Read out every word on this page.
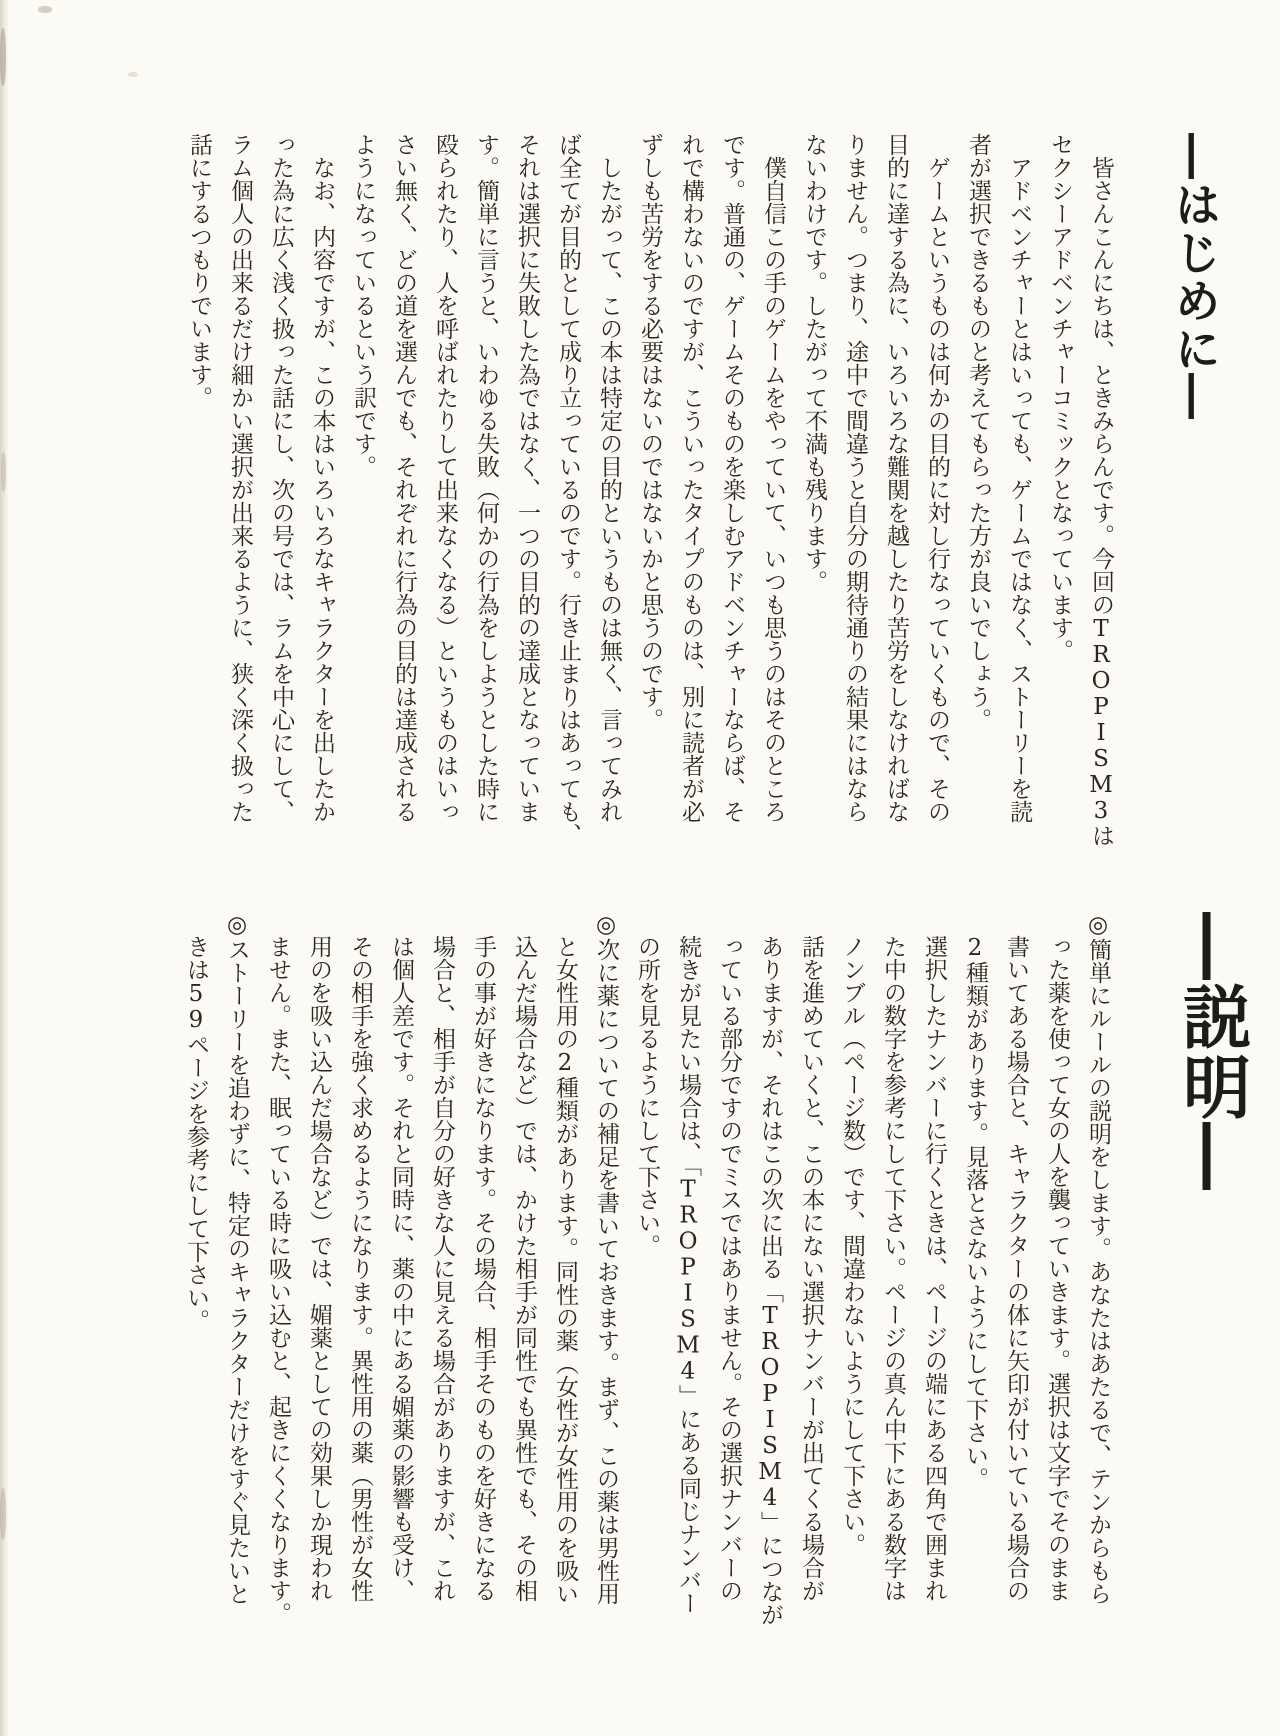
―はじめに―
　皆さんこんにちは、ときみらんです。今回のTROPISM3は
セクシーアドベンチャーコミックとなっています。
　アドベンチャーとはいっても、ゲームではなく、ストーリーを読
者が選択できるものと考えてもらった方が良いでしょう。
　ゲームというものは何かの目的に対し行なっていくもので、その
目的に達する為に、いろいろな難関を越したり苦労をしなければな
りません。つまり、途中で間違うと自分の期待通りの結果にはなら
ないわけです。したがって不満も残ります。
　僕自信この手のゲームをやっていて、いつも思うのはそのところ
です。普通の、ゲームそのものを楽しむアドベンチャーならば、そ
れで構わないのですが、こういったタイプのものは、別に読者が必
ずしも苦労をする必要はないのではないかと思うのです。
　したがって、この本は特定の目的というものは無く、言ってみれ
ば全てが目的として成り立っているのです。行き止まりはあっても、
それは選択に失敗した為ではなく、一つの目的の達成となっていま
す。簡単に言うと、いわゆる失敗（何かの行為をしようとした時に
殴られたり、人を呼ばれたりして出来なくなる）というものはいっ
さい無く、どの道を選んでも、それぞれに行為の目的は達成される
ようになっているという訳です。
　なお、内容ですが、この本はいろいろなキャラクターを出したか
った為に広く浅く扱った話にし、次の号では、ラムを中心にして、
ラム個人の出来るだけ細かい選択が出来るように、狭く深く扱った
話にするつもりでいます。
―説明―
◎簡単にルールの説明をします。あなたはあたるで、テンからもら
　った薬を使って女の人を襲っていきます。選択は文字でそのまま
　書いてある場合と、キャラクターの体に矢印が付いている場合の
　2種類があります。見落とさないようにして下さい。
　選択したナンバーに行くときは、ページの端にある四角で囲まれ
　た中の数字を参考にして下さい。ページの真ん中下にある数字は
　ノンブル（ページ数）です、間違わないようにして下さい。
　話を進めていくと、この本にない選択ナンバーが出てくる場合が
　ありますが、それはこの次に出る「TROPISM4」につなが
　っている部分ですのでミスではありません。その選択ナンバーの
　続きが見たい場合は、「TROPISM4」にある同じナンバー
　の所を見るようにして下さい。
◎次に薬についての補足を書いておきます。まず、この薬は男性用
　と女性用の2種類があります。同性の薬（女性が女性用のを吸い
　込んだ場合など）では、かけた相手が同性でも異性でも、その相
　手の事が好きになります。その場合、相手そのものを好きになる
　場合と、相手が自分の好きな人に見える場合がありますが、これ
　は個人差です。それと同時に、薬の中にある媚薬の影響も受け、
　その相手を強く求めるようになります。異性用の薬（男性が女性
　用のを吸い込んだ場合など）では、媚薬としての効果しか現われ
　ません。また、眠っている時に吸い込むと、起きにくくなります。
◎ストーリーを追わずに、特定のキャラクターだけをすぐ見たいと
　きは59ページを参考にして下さい。
